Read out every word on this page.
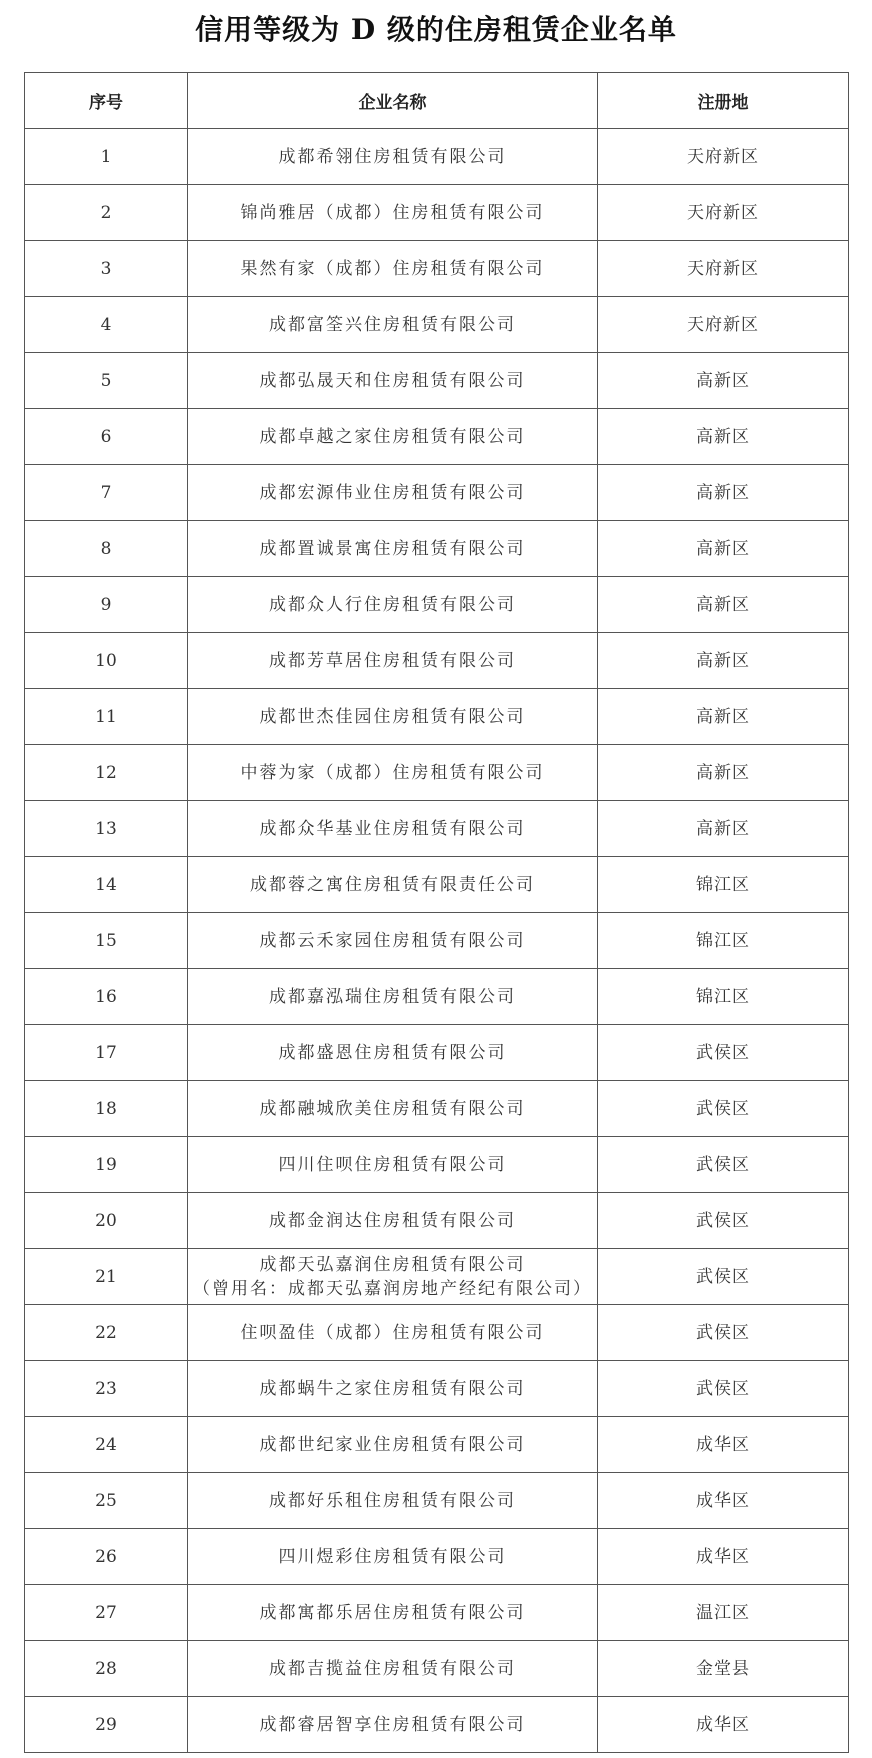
信用等级为 D 级的住房租赁企业名单
序号	企业名称	注册地
1	成都希翎住房租赁有限公司	天府新区
2	锦尚雅居（成都）住房租赁有限公司	天府新区
3	果然有家（成都）住房租赁有限公司	天府新区
4	成都富筌兴住房租赁有限公司	天府新区
5	成都弘晟天和住房租赁有限公司	高新区
6	成都卓越之家住房租赁有限公司	高新区
7	成都宏源伟业住房租赁有限公司	高新区
8	成都置诚景寓住房租赁有限公司	高新区
9	成都众人行住房租赁有限公司	高新区
10	成都芳草居住房租赁有限公司	高新区
11	成都世杰佳园住房租赁有限公司	高新区
12	中蓉为家（成都）住房租赁有限公司	高新区
13	成都众华基业住房租赁有限公司	高新区
14	成都蓉之寓住房租赁有限责任公司	锦江区
15	成都云禾家园住房租赁有限公司	锦江区
16	成都嘉泓瑞住房租赁有限公司	锦江区
17	成都盛恩住房租赁有限公司	武侯区
18	成都融城欣美住房租赁有限公司	武侯区
19	四川住呗住房租赁有限公司	武侯区
20	成都金润达住房租赁有限公司	武侯区
21	成都天弘嘉润住房租赁有限公司
（曾用名：成都天弘嘉润房地产经纪有限公司）	武侯区
22	住呗盈佳（成都）住房租赁有限公司	武侯区
23	成都蜗牛之家住房租赁有限公司	武侯区
24	成都世纪家业住房租赁有限公司	成华区
25	成都好乐租住房租赁有限公司	成华区
26	四川煜彩住房租赁有限公司	成华区
27	成都寓都乐居住房租赁有限公司	温江区
28	成都吉揽益住房租赁有限公司	金堂县
29	成都睿居智享住房租赁有限公司	成华区
